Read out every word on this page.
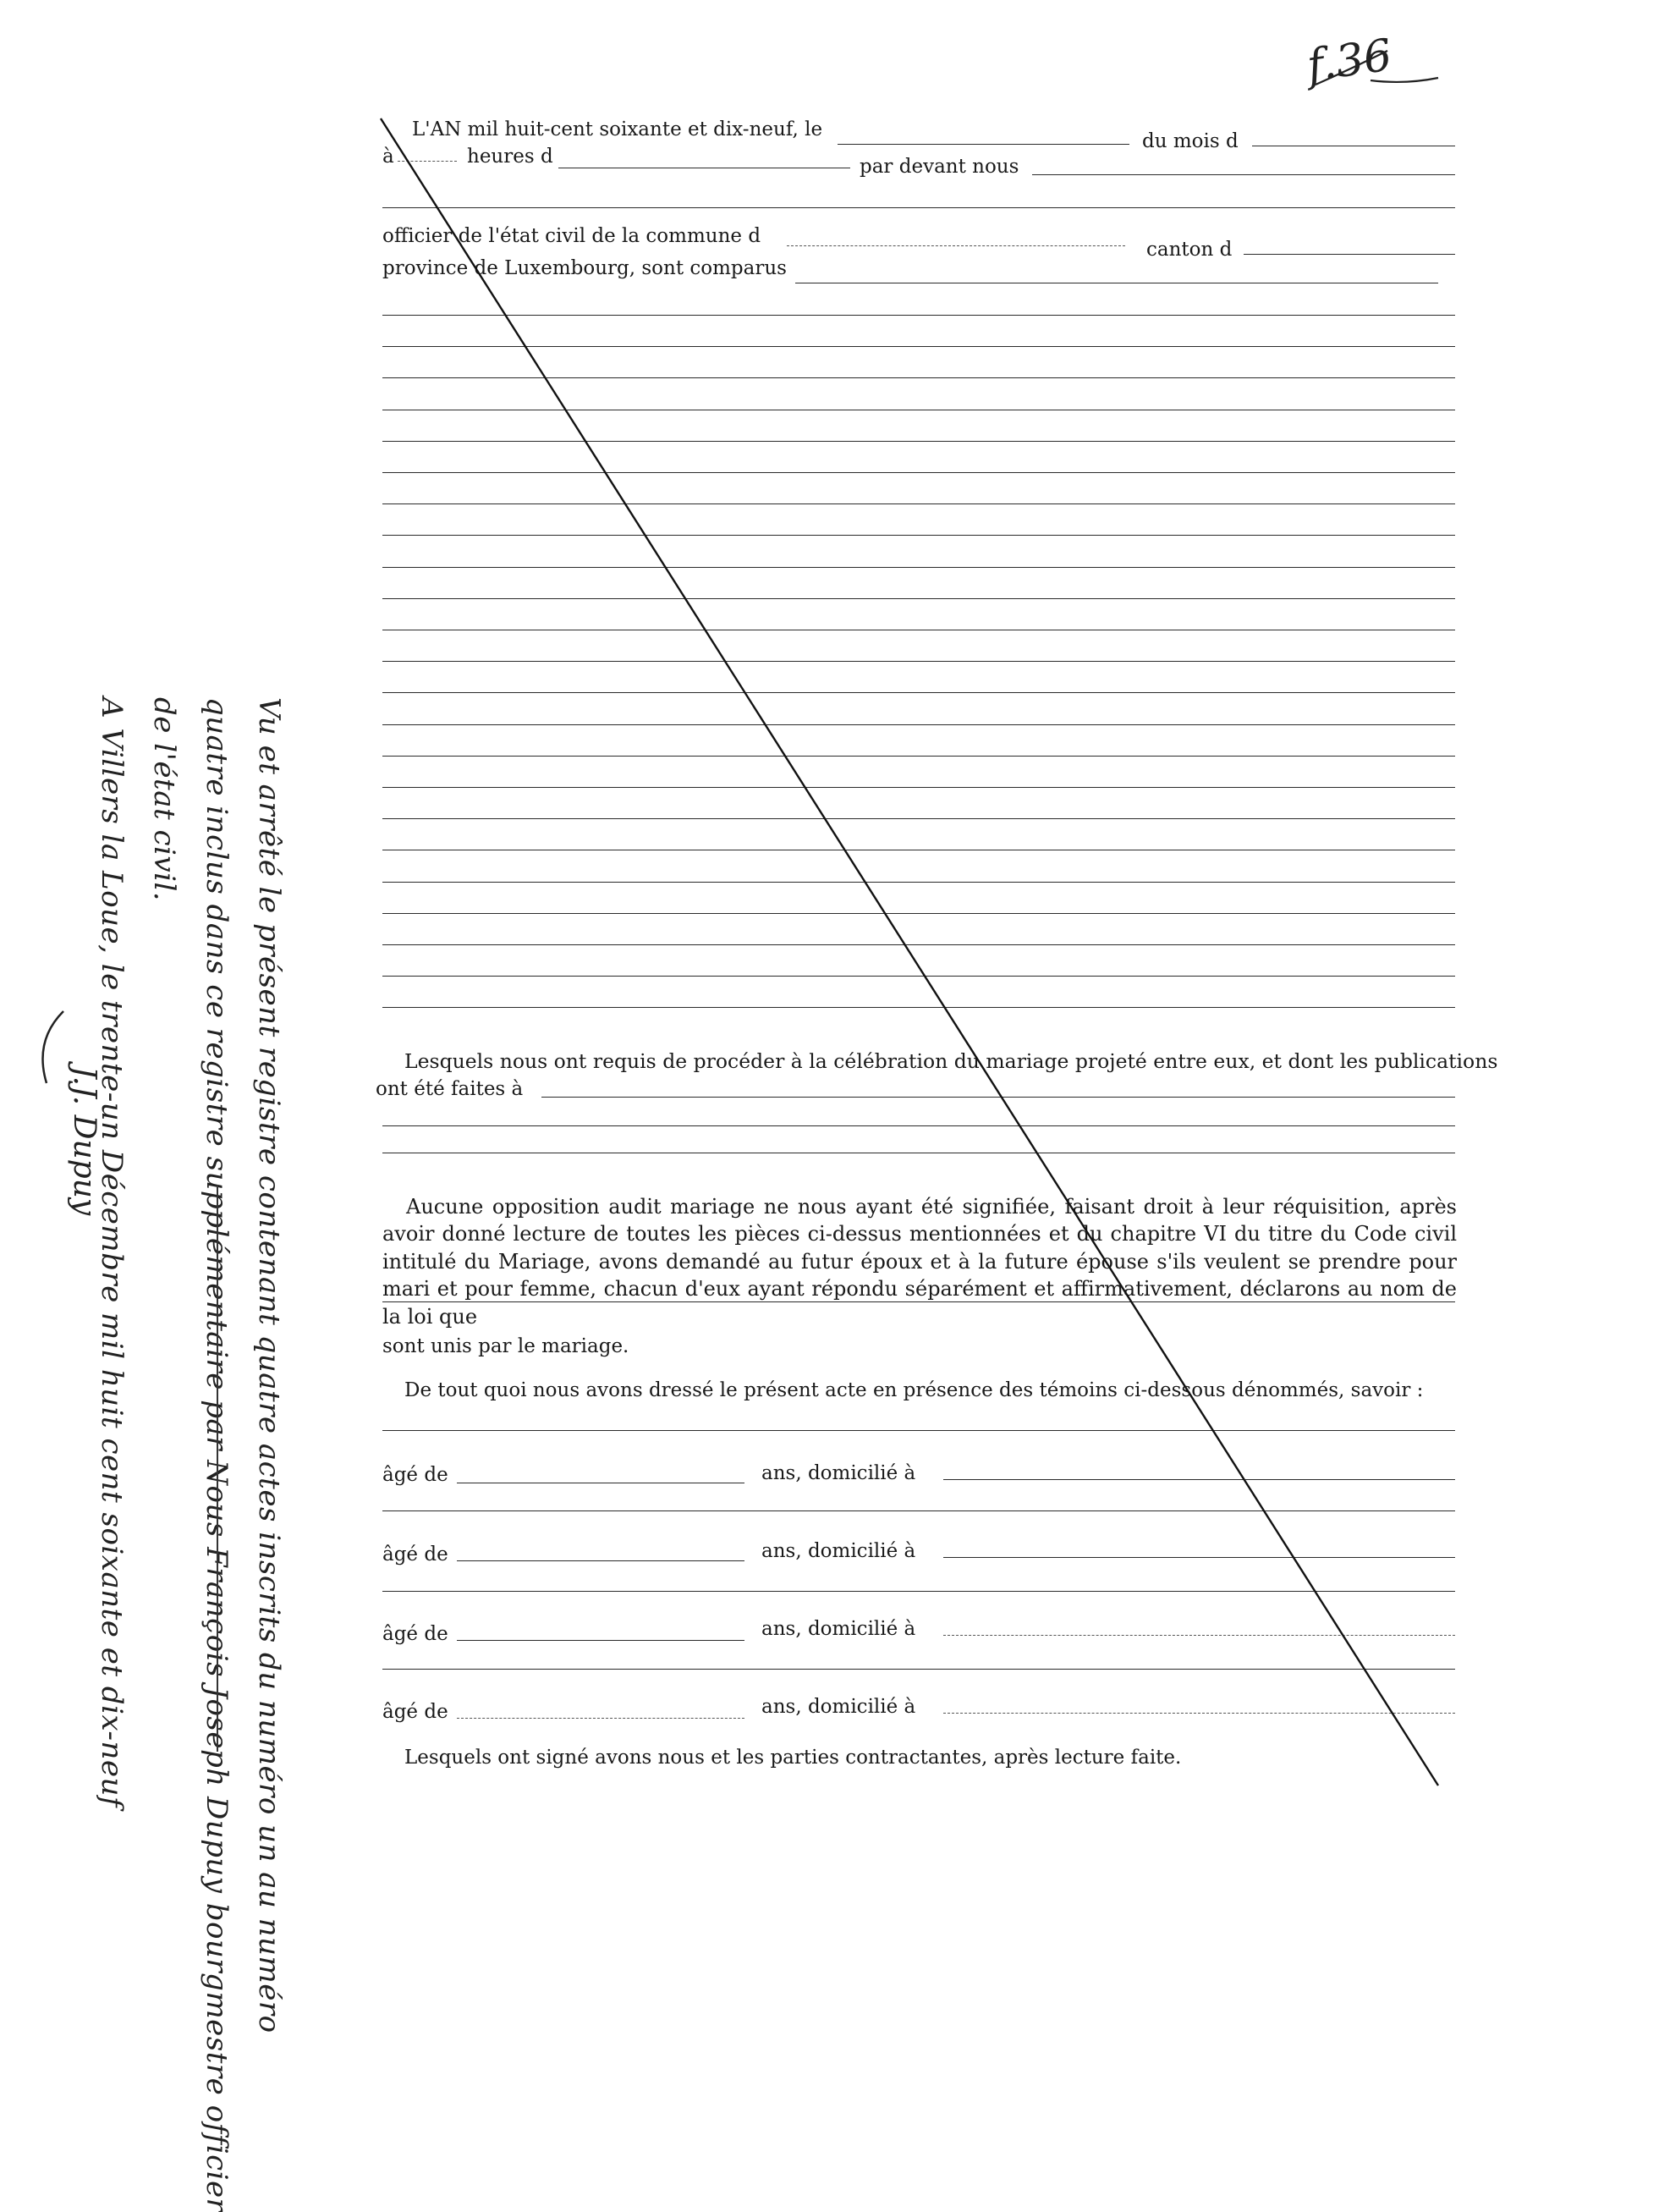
f.36
L'AN mil huit-cent soixante et dix-neuf, le
du mois d
à	heures d	par devant nous
officier de l'état civil de la commune d
canton d
province de Luxembourg, sont comparus
Lesquels nous ont requis de procéder à la célébration du mariage projeté entre eux, et dont les publications
ont été faites à
Aucune opposition audit mariage ne nous ayant été signifiée, faisant droit à leur réquisition, après avoir donné lecture de toutes les pièces ci-dessus mentionnées et du chapitre VI du titre du Code civil intitulé du Mariage, avons demandé au futur époux et à la future épouse s'ils veulent se prendre pour mari et pour femme, chacun d'eux ayant répondu séparément et affirmativement, déclarons au nom de la loi que
sont unis par le mariage.
De tout quoi nous avons dressé le présent acte en présence des témoins ci-dessous dénommés, savoir :
âgé de	ans, domicilié à
âgé de	ans, domicilié à
âgé de	ans, domicilié à
âgé de	ans, domicilié à
Lesquels ont signé avons nous et les parties contractantes, après lecture faite.
Vu et arrêté le présent registre contenant quatre actes inscrits du numéro un au numéro
quatre inclus dans ce registre supplémentaire par Nous François Joseph Dupuy bourgmestre officier
de l'état civil.
A Villers la Loue, le trente-un Décembre mil huit cent soixante et dix-neuf
J.J. Dupuy
